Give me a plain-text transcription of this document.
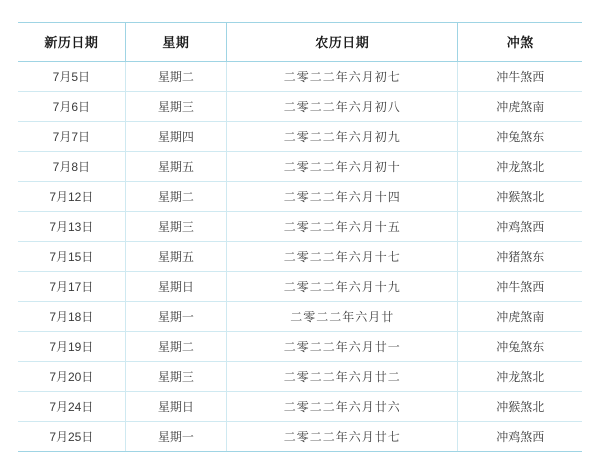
新历日期	星期	农历日期	冲煞
7月5日	星期二	二零二二年六月初七	冲牛煞西
7月6日	星期三	二零二二年六月初八	冲虎煞南
7月7日	星期四	二零二二年六月初九	冲兔煞东
7月8日	星期五	二零二二年六月初十	冲龙煞北
7月12日	星期二	二零二二年六月十四	冲猴煞北
7月13日	星期三	二零二二年六月十五	冲鸡煞西
7月15日	星期五	二零二二年六月十七	冲猪煞东
7月17日	星期日	二零二二年六月十九	冲牛煞西
7月18日	星期一	二零二二年六月廿	冲虎煞南
7月19日	星期二	二零二二年六月廿一	冲兔煞东
7月20日	星期三	二零二二年六月廿二	冲龙煞北
7月24日	星期日	二零二二年六月廿六	冲猴煞北
7月25日	星期一	二零二二年六月廿七	冲鸡煞西
